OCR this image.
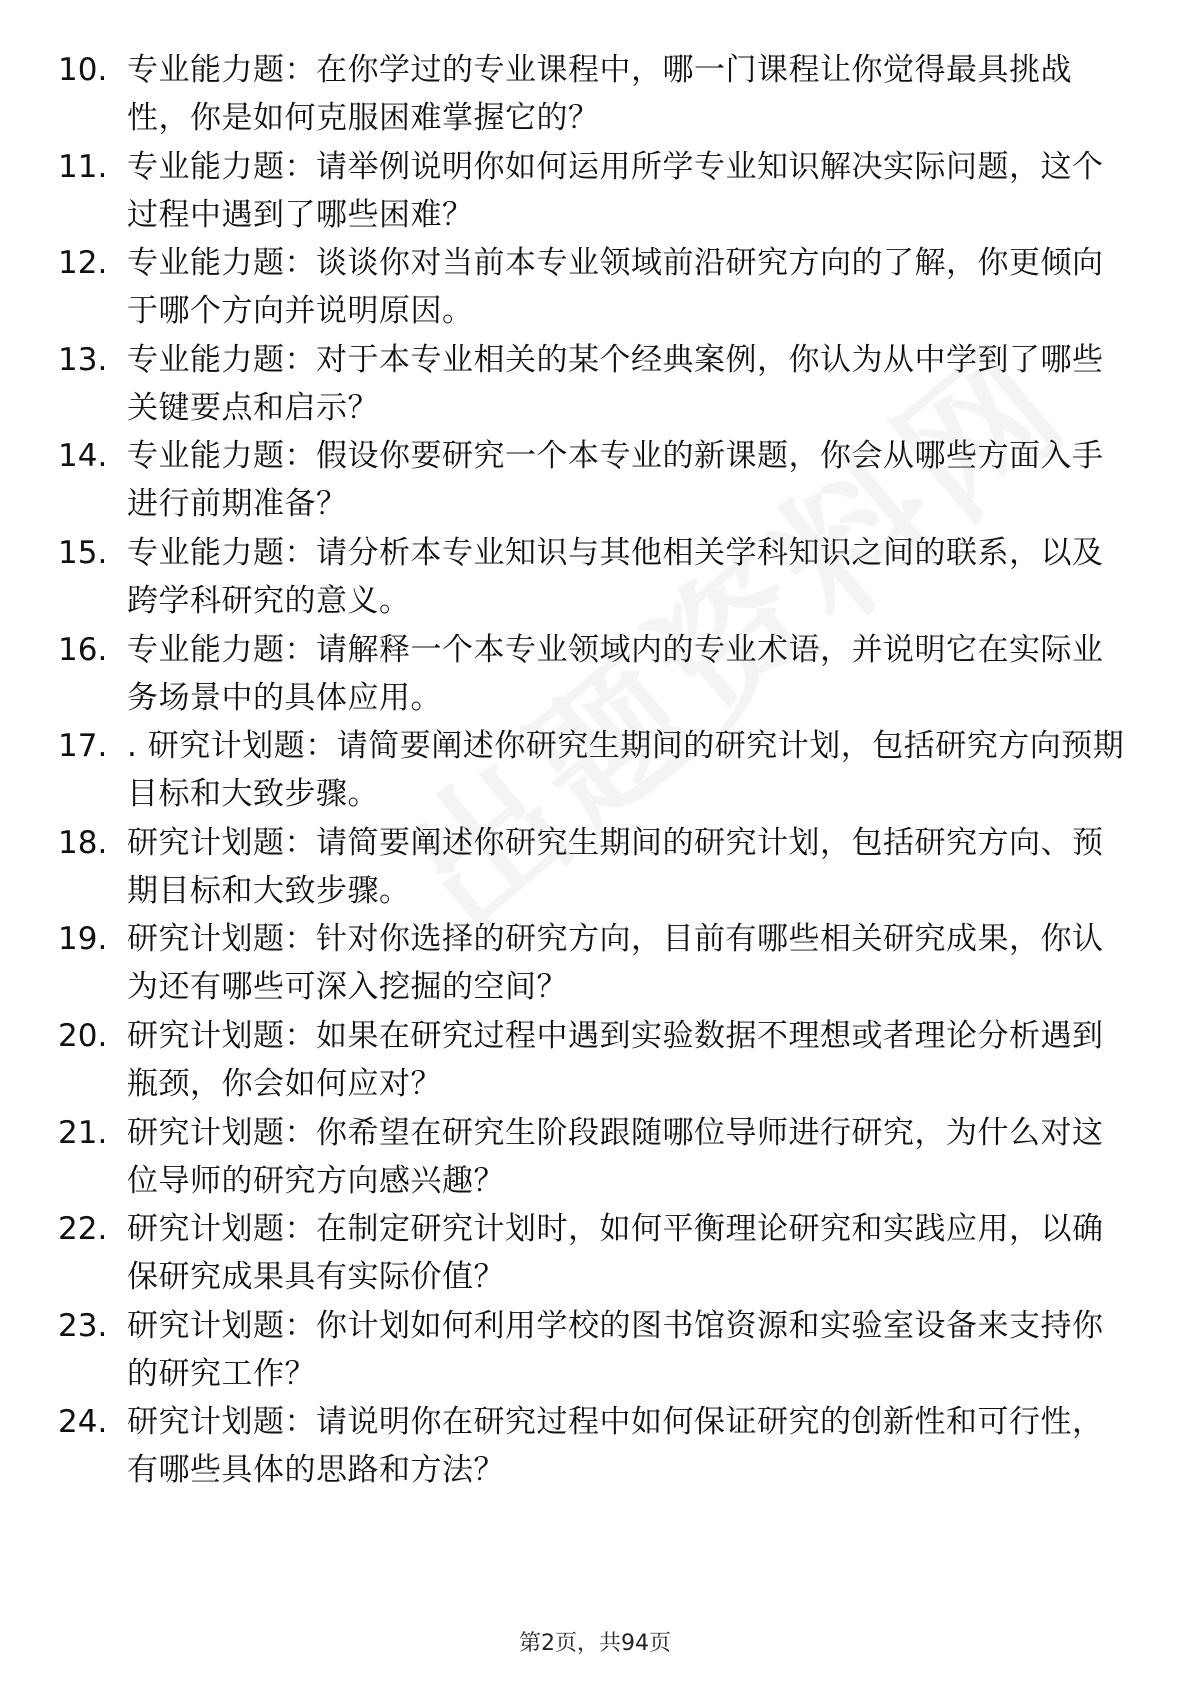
10. 专业能力题：在你学过的专业课程中，哪一门课程让你觉得最具挑战性，你是如何克服困难掌握它的？
11. 专业能力题：请举例说明你如何运用所学专业知识解决实际问题，这个过程中遇到了哪些困难？
12. 专业能力题：谈谈你对当前本专业领域前沿研究方向的了解，你更倾向于哪个方向并说明原因。
13. 专业能力题：对于本专业相关的某个经典案例，你认为从中学到了哪些关键要点和启示？
14. 专业能力题：假设你要研究一个本专业的新课题，你会从哪些方面入手进行前期准备？
15. 专业能力题：请分析本专业知识与其他相关学科知识之间的联系，以及跨学科研究的意义。
16. 专业能力题：请解释一个本专业领域内的专业术语，并说明它在实际业务场景中的具体应用。
17. . 研究计划题：请简要阐述你研究生期间的研究计划，包括研究方向预期目标和大致步骤。
18. 研究计划题：请简要阐述你研究生期间的研究计划，包括研究方向、预期目标和大致步骤。
19. 研究计划题：针对你选择的研究方向，目前有哪些相关研究成果，你认为还有哪些可深入挖掘的空间？
20. 研究计划题：如果在研究过程中遇到实验数据不理想或者理论分析遇到瓶颈，你会如何应对？
21. 研究计划题：你希望在研究生阶段跟随哪位导师进行研究，为什么对这位导师的研究方向感兴趣？
22. 研究计划题：在制定研究计划时，如何平衡理论研究和实践应用，以确保研究成果具有实际价值？
23. 研究计划题：你计划如何利用学校的图书馆资源和实验室设备来支持你的研究工作？
24. 研究计划题：请说明你在研究过程中如何保证研究的创新性和可行性，有哪些具体的思路和方法？
第2页，共94页
